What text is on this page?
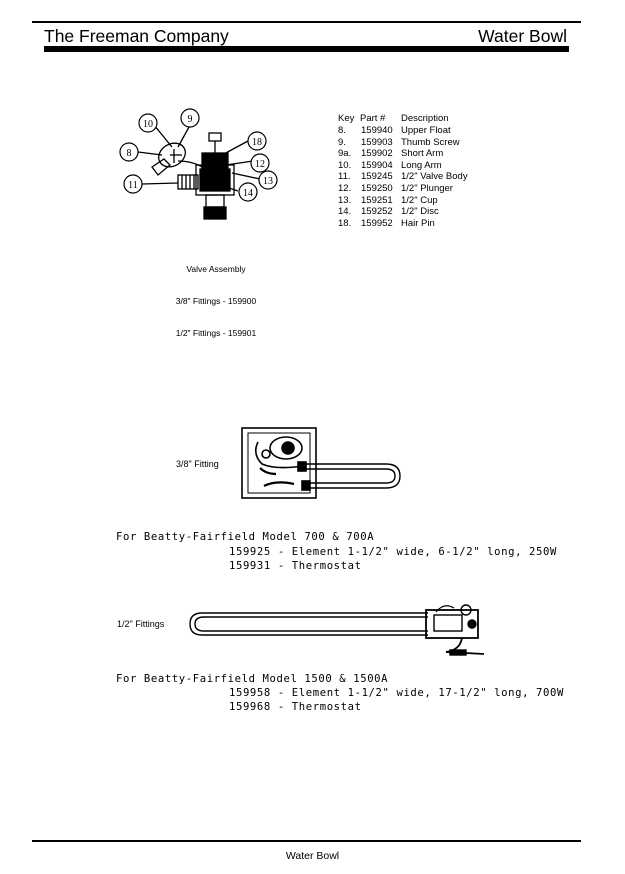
The Freeman Company	Water Bowl
10	9
8
18
12
13
11
14

Valve Assembly

3/8" Fittings - 159900

1/2" Fittings - 159901

Key Part # Description
8. 159940 Upper Float
9. 159903 Thumb Screw
9a. 159902 Short Arm
10. 159904 Long Arm
11. 159245 1/2" Valve Body
12. 159250 1/2" Plunger
13. 159251 1/2" Cup
14. 159252 1/2" Disc
18. 159952 Hair Pin
3/8" Fitting
For Beatty-Fairfield Model 700 & 700A
159925 - Element 1-1/2" wide, 6-1/2" long, 250W
159931 - Thermostat
1/2" Fittings
For Beatty-Fairfield Model 1500 & 1500A
159958 - Element 1-1/2" wide, 17-1/2" long, 700W
159968 - Thermostat
Water Bowl
